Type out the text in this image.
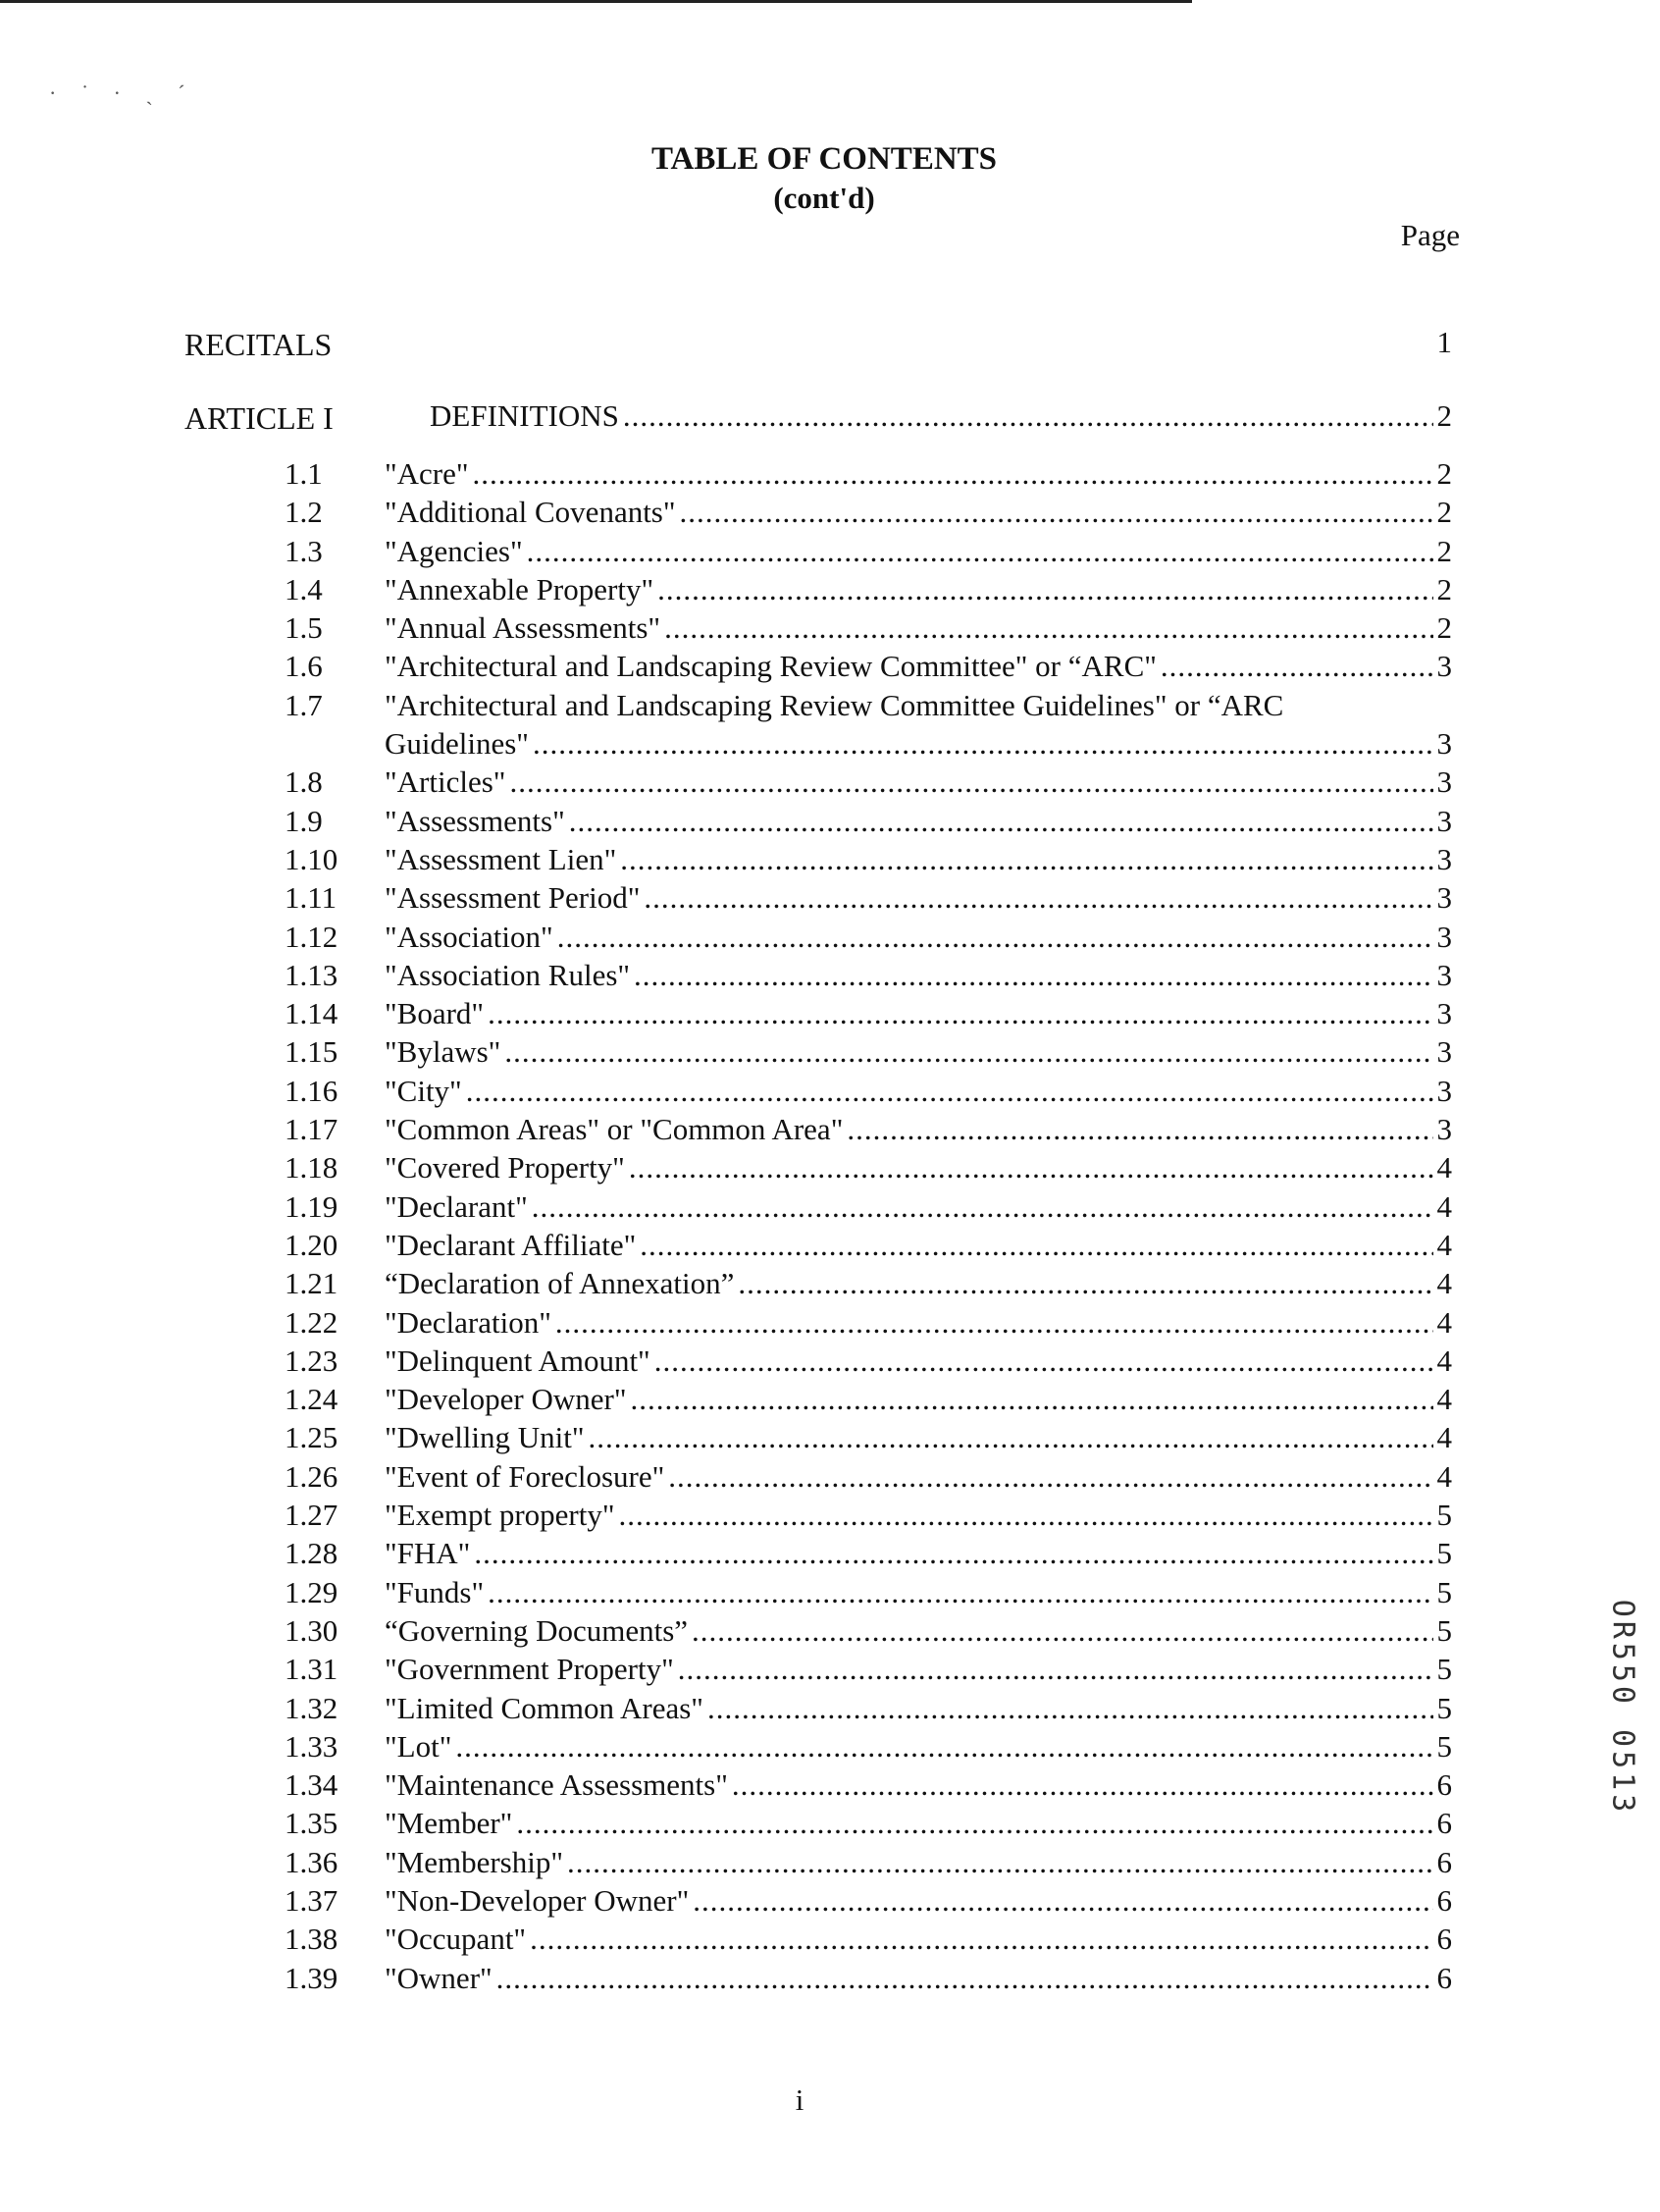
· ˙ · ˏ ˊ
TABLE OF CONTENTS
(cont'd)
Page
RECITALS	1
ARTICLE I	DEFINITIONS .....	2
1.1	"Acre" .....	2
1.2	"Additional Covenants" .....	2
1.3	"Agencies" .....	2
1.4	"Annexable Property" .....	2
1.5	"Annual Assessments" .....	2
1.6	"Architectural and Landscaping Review Committee" or “ARC" .....	3
1.7	"Architectural and Landscaping Review Committee Guidelines" or “ARC
Guidelines" .....	3
1.8	"Articles" .....	3
1.9	"Assessments" .....	3
1.10	"Assessment Lien" .....	3
1.11	"Assessment Period" .....	3
1.12	"Association" .....	3
1.13	"Association Rules" .....	3
1.14	"Board" .....	3
1.15	"Bylaws" .....	3
1.16	"City" .....	3
1.17	"Common Areas" or "Common Area" .....	3
1.18	"Covered Property" .....	4
1.19	"Declarant" .....	4
1.20	"Declarant Affiliate" .....	4
1.21	“Declaration of Annexation” .....	4
1.22	"Declaration" .....	4
1.23	"Delinquent Amount" .....	4
1.24	"Developer Owner" .....	4
1.25	"Dwelling Unit" .....	4
1.26	"Event of Foreclosure" .....	4
1.27	"Exempt property" .....	5
1.28	"FHA" .....	5
1.29	"Funds" .....	5
1.30	“Governing Documents” .....	5
1.31	"Government Property" .....	5
1.32	"Limited Common Areas" .....	5
1.33	"Lot" .....	5
1.34	"Maintenance Assessments" .....	6
1.35	"Member" .....	6
1.36	"Membership" .....	6
1.37	"Non-Developer Owner" .....	6
1.38	"Occupant" .....	6
1.39	"Owner" .....	6
i
OR550 0513
